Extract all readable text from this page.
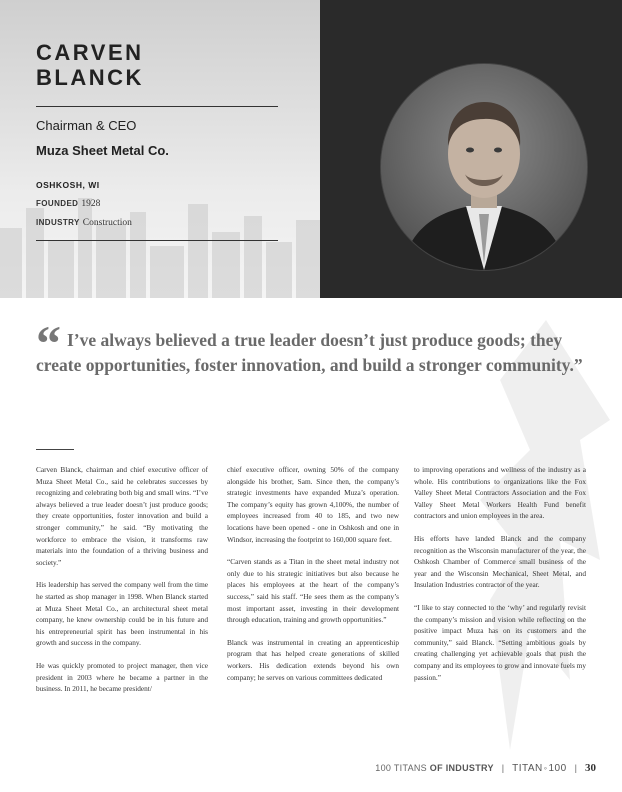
CARVEN
BLANCK
Chairman & CEO
Muza Sheet Metal Co.
OSHKOSH, WI
FOUNDED 1928
INDUSTRY Construction
“ I’ve always believed a true leader doesn’t just produce goods; they create opportunities, foster innovation, and build a stronger community.”

Carven Blanck, chairman and chief executive officer of Muza Sheet Metal Co., said he celebrates successes by recognizing and celebrating both big and small wins. “I’ve always believed a true leader doesn’t just produce goods; they create opportunities, foster innovation and build a stronger community,” he said. “By motivating the workforce to embrace the vision, it transforms raw materials into the foundation of a thriving business and society.”

His leadership has served the company well from the time he started as shop manager in 1998. When Blanck started at Muza Sheet Metal Co., an architectural sheet metal company, he knew ownership could be in his future and his entrepreneurial spirit has been instrumental in his growth and success in the company.

He was quickly promoted to project manager, then vice president in 2003 where he became a partner in the business. In 2011, he became president/

chief executive officer, owning 50% of the company alongside his brother, Sam. Since then, the company’s strategic investments have expanded Muza’s operation. The company’s equity has grown 4,100%, the number of employees increased from 40 to 185, and two new locations have been opened - one in Oshkosh and one in Windsor, increasing the footprint to 160,000 square feet.

“Carven stands as a Titan in the sheet metal industry not only due to his strategic initiatives but also because he places his employees at the heart of the company’s success,” said his staff. “He sees them as the company’s most important asset, investing in their development through education, training and growth opportunities.”

Blanck was instrumental in creating an apprenticeship program that has helped create generations of skilled workers. His dedication extends beyond his own company; he serves on various committees dedicated

to improving operations and wellness of the industry as a whole. His contributions to organizations like the Fox Valley Sheet Metal Contractors Association and the Fox Valley Sheet Metal Workers Health Fund benefit contractors and union employees in the area.

His efforts have landed Blanck and the company recognition as the Wisconsin manufacturer of the year, the Oshkosh Chamber of Commerce small business of the year and the Wisconsin Mechanical, Sheet Metal, and Insulation Industries contractor of the year.

“I like to stay connected to the ‘why’ and regularly revisit the company’s mission and vision while reflecting on the positive impact Muza has on its customers and the community,” said Blanck. “Setting ambitious goals by creating challenging yet achievable goals that push the company and its employees to grow and innovate fuels my passion.”

100 TITANS OF INDUSTRY | TITAN◦100 | 30
